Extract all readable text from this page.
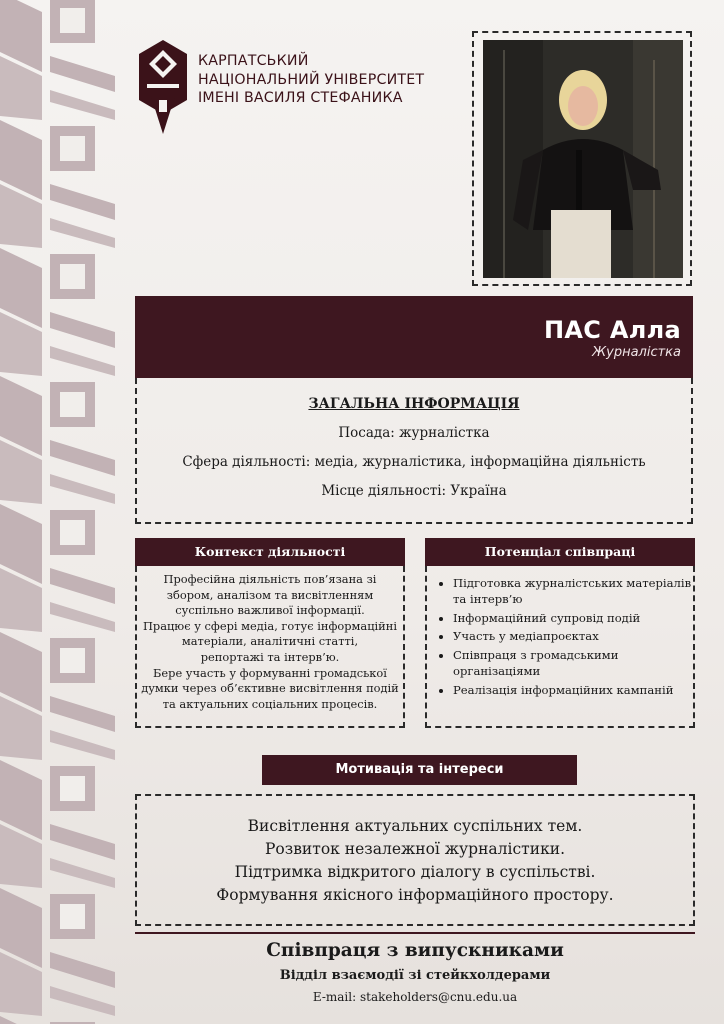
КАРПАТСЬКИЙ
НАЦІОНАЛЬНИЙ УНІВЕРСИТЕТ
ІМЕНІ ВАСИЛЯ СТЕФАНИКА
ПАС Алла
Журналістка
ЗАГАЛЬНА ІНФОРМАЦІЯ
Посада: журналістка
Сфера діяльності: медіа, журналістика, інформаційна діяльність
Місце діяльності: Україна
Контекст діяльності
Професійна діяльність пов’язана зі
збором, аналізом та висвітленням
суспільно важливої інформації.
Працює у сфері медіа, готує інформаційні
матеріали, аналітичні статті,
репортажі та інтерв’ю.
Бере участь у формуванні громадської
думки через об’єктивне висвітлення подій
та актуальних соціальних процесів.
Потенціал співпраці
• Підготовка журналістських матеріалів та інтерв’ю
• Інформаційний супровід подій
• Участь у медіапроєктах
• Співпраця з громадськими організаціями
• Реалізація інформаційних кампаній
Мотивація та інтереси
Висвітлення актуальних суспільних тем.
Розвиток незалежної журналістики.
Підтримка відкритого діалогу в суспільстві.
Формування якісного інформаційного простору.
Співпраця з випускниками
Відділ взаємодії зі стейкхолдерами
E-mail: stakeholders@cnu.edu.ua
